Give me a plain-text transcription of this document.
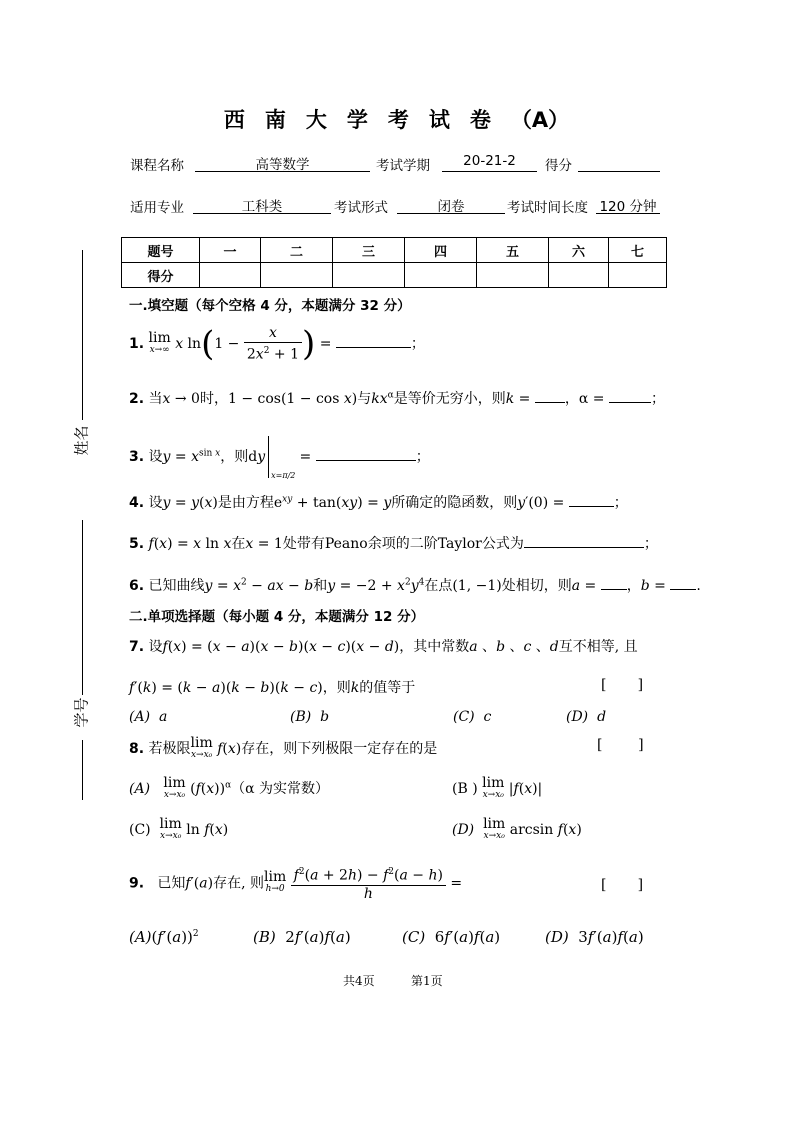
西 南 大 学 考 试 卷 （A）
课程名称	高等数学	考试学期	20-21-2	得分
适用专业	工科类	考试形式	闭卷	考试时间长度 120 分钟
姓名
学号
题号	一	二	三	四	五	六	七
得分							
一.填空题（每个空格 4 分，本题满分 32 分）
1. lim
x→∞ x $\ln(1 - \frac{x}{2x^2 + 1}$ ) =	；
2. 当x → 0时，1 − cos(1 − cos x)与$kx^\alpha$是等价无穷小，则k = ，α =	；
3. 设$y = x^{sin x}$，则dy
x=π/2
=	；
4. 设y = y(x)是由方程$e^{xy} + \tan(xy) = y$所确定的隐函数，则y′(0) =	；
5. f(x) = x ln x在x = 1处带有Peano余项的二阶Taylor公式为	；
6. 已知曲线$y = x^2$ − ax − b和$y = -2 + x^2y^4$在点(1, −1)处相切，则a = ，b = .
二.单项选择题（每小题 4 分，本题满分 12 分）
7. 设f(x) = (x − a)(x − b)(x − c)(x − d)，其中常数a 、b 、c 、d互不相等, 且
f′(k) = (k − a)(k − b)(k − c)，则k的值等于	[       ]
(A) a	(B) b	(C) c	(D) d
8. 若极限lim
x→x₀ f(x)存在，则下列极限一定存在的是	[        ]
(A) lim
x→x₀ $(f(x))^\alpha(\alpha$ 为实常数）	(B ) lim
x→x₀ |f(x)|
(C) lim
x→x₀ ln f(x)	(D) lim
x→x₀ arcsin f(x)
9. 已知f′(a)存在, 则lim
h→0
$\frac{f^2(a + 2h) - f^2(a - h)}{h}$ =	[       ]
$(A)(f'(a))^2$	(B)  2f′(a)f(a)	(C)  6f′(a)f(a)	(D)  3f′(a)f(a)
共4页	第1页
